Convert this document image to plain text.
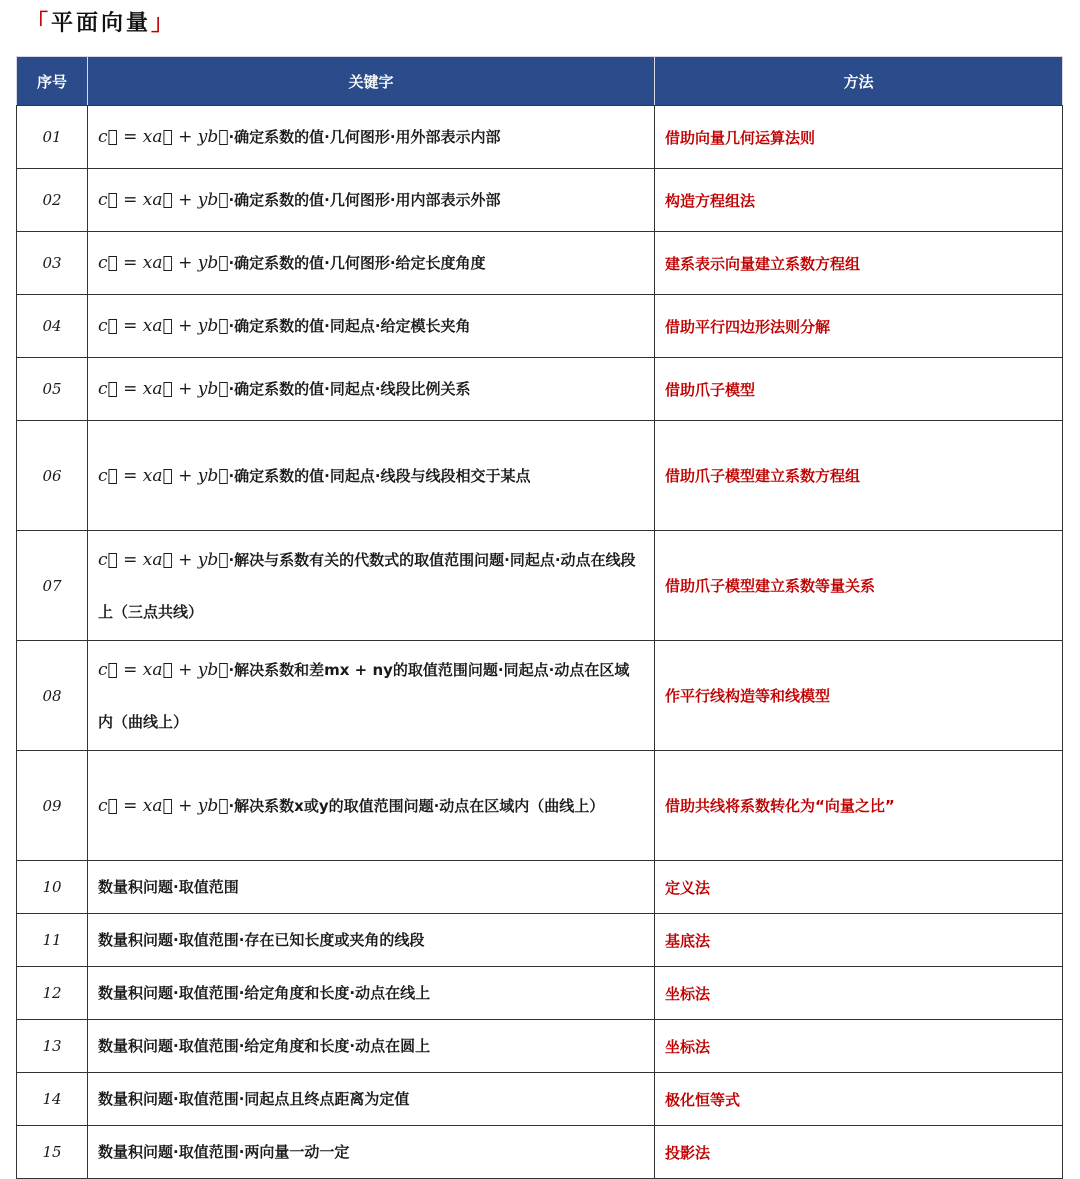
「平面向量」
序号	关键字	方法
01	c⃗ = xa⃗ + yb⃗·确定系数的值·几何图形·用外部表示内部	借助向量几何运算法则
02	c⃗ = xa⃗ + yb⃗·确定系数的值·几何图形·用内部表示外部	构造方程组法
03	c⃗ = xa⃗ + yb⃗·确定系数的值·几何图形·给定长度角度	建系表示向量建立系数方程组
04	c⃗ = xa⃗ + yb⃗·确定系数的值·同起点·给定模长夹角	借助平行四边形法则分解
05	c⃗ = xa⃗ + yb⃗·确定系数的值·同起点·线段比例关系	借助爪子模型
06	c⃗ = xa⃗ + yb⃗·确定系数的值·同起点·线段与线段相交于某点	借助爪子模型建立系数方程组
07	c⃗ = xa⃗ + yb⃗·解决与系数有关的代数式的取值范围问题·同起点·动点在线段上（三点共线）	借助爪子模型建立系数等量关系
08	c⃗ = xa⃗ + yb⃗·解决系数和差mx + ny的取值范围问题·同起点·动点在区域内（曲线上）	作平行线构造等和线模型
09	c⃗ = xa⃗ + yb⃗·解决系数x或y的取值范围问题·动点在区域内（曲线上）	借助共线将系数转化为“向量之比”
10	数量积问题·取值范围	定义法
11	数量积问题·取值范围·存在已知长度或夹角的线段	基底法
12	数量积问题·取值范围·给定角度和长度·动点在线上	坐标法
13	数量积问题·取值范围·给定角度和长度·动点在圆上	坐标法
14	数量积问题·取值范围·同起点且终点距离为定值	极化恒等式
15	数量积问题·取值范围·两向量一动一定	投影法
